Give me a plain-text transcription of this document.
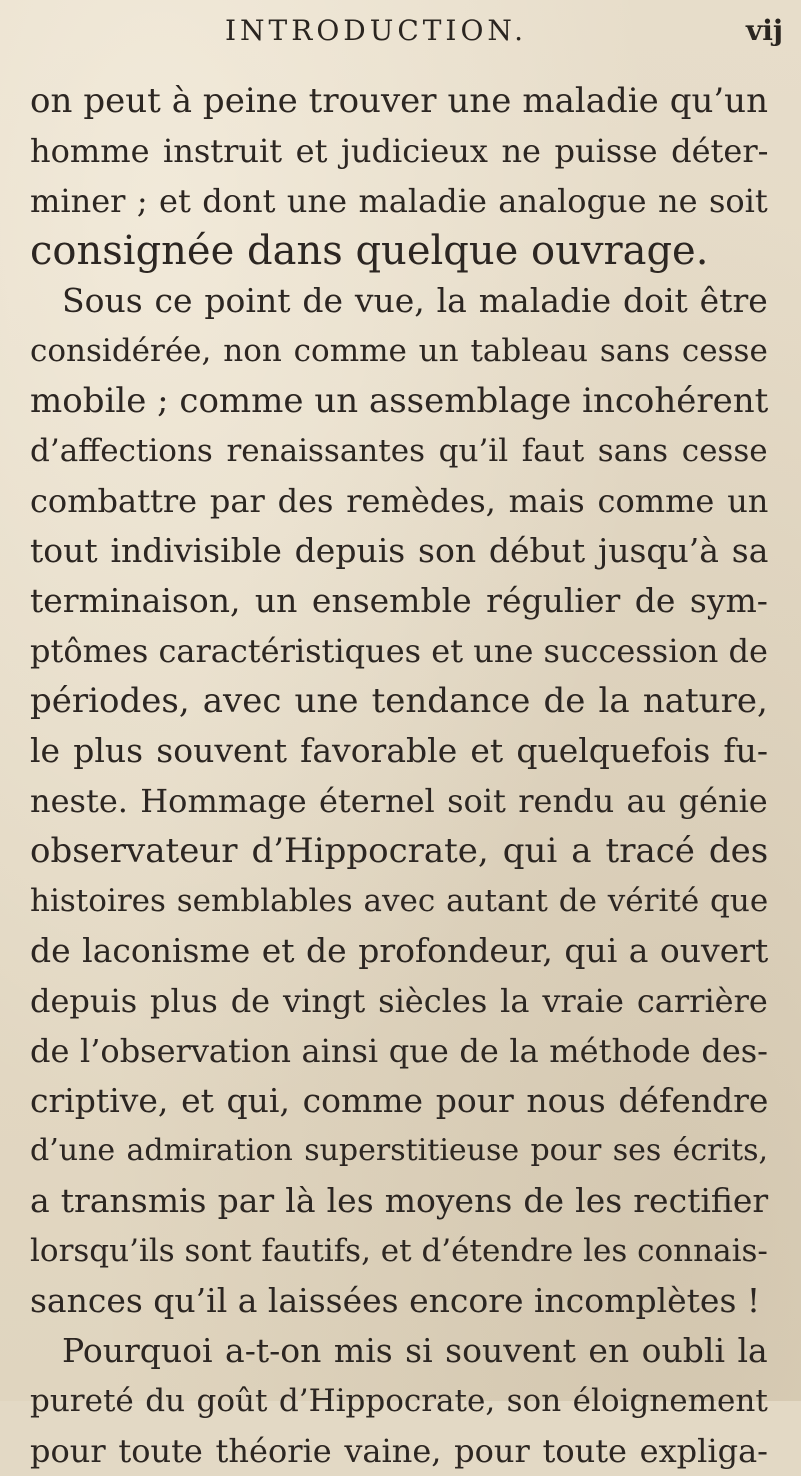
INTRODUCTION.	vij
on peut à peine trouver une maladie qu’un
homme instruit et judicieux ne puisse déter-
miner ; et dont une maladie analogue ne soit
consignée dans quelque ouvrage.
Sous ce point de vue, la maladie doit être
considérée, non comme un tableau sans cesse
mobile ; comme un assemblage incohérent
d’affections renaissantes qu’il faut sans cesse
combattre par des remèdes, mais comme un
tout indivisible depuis son début jusqu’à sa
terminaison, un ensemble régulier de sym-
ptômes caractéristiques et une succession de
périodes, avec une tendance de la nature,
le plus souvent favorable et quelquefois fu-
neste. Hommage éternel soit rendu au génie
observateur d’Hippocrate, qui a tracé des
histoires semblables avec autant de vérité que
de laconisme et de profondeur, qui a ouvert
depuis plus de vingt siècles la vraie carrière
de l’observation ainsi que de la méthode des-
criptive, et qui, comme pour nous défendre
d’une admiration superstitieuse pour ses écrits,
a transmis par là les moyens de les rectifier
lorsqu’ils sont fautifs, et d’étendre les connais-
sances qu’il a laissées encore incomplètes !
Pourquoi a-t-on mis si souvent en oubli la
pureté du goût d’Hippocrate, son éloignement
pour toute théorie vaine, pour toute expliga-
